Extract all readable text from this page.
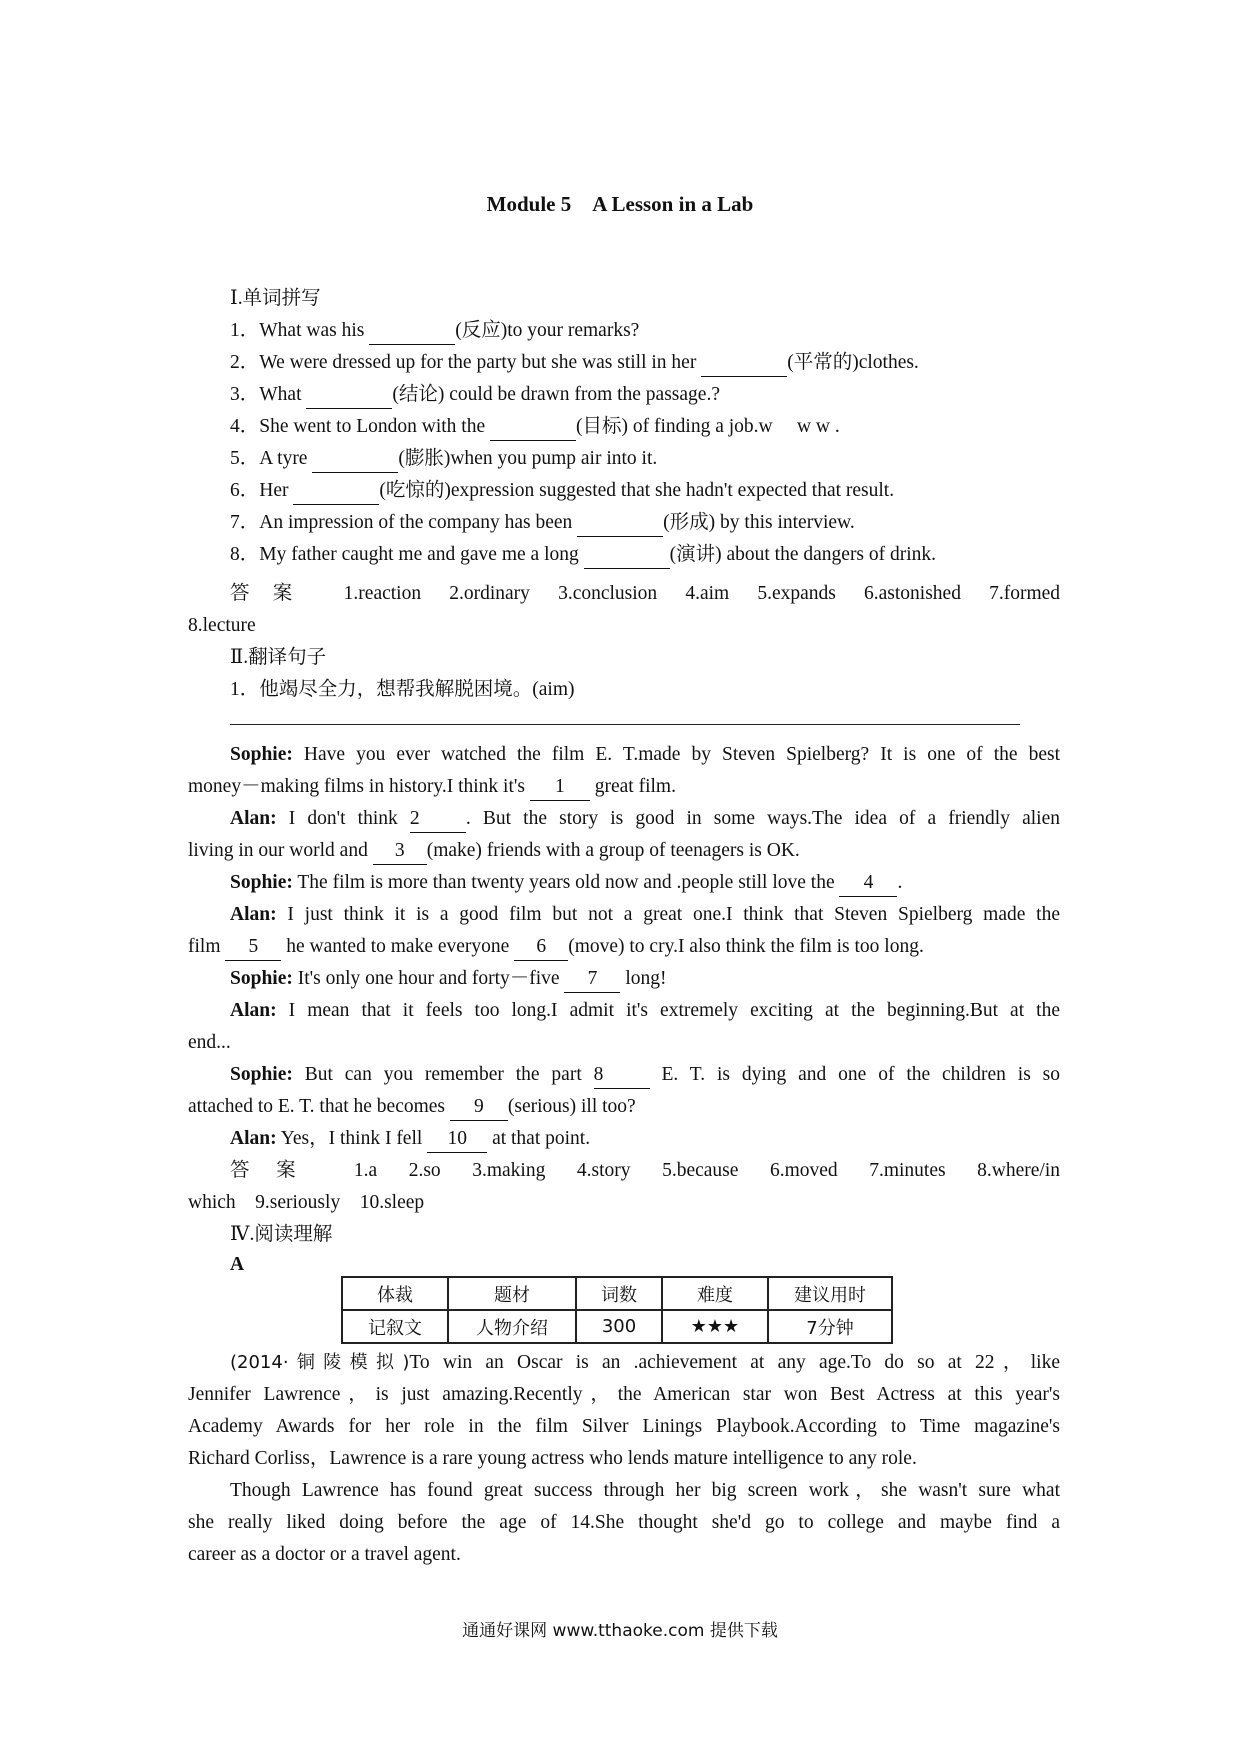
Module 5　A Lesson in a Lab
Ⅰ.单词拼写
1．What was his	(反应)to your remarks?
2．We were dressed up for the party but she was still in her	(平常的)clothes.
3．What	(结论) could be drawn from the passage.?
4．She went to London with the	(目标) of finding a job.w　 w w .
5．A tyre	(膨胀)when you pump air into it.
6．Her	(吃惊的)expression suggested that she hadn't expected that result.
7．An impression of the company has been	(形成) by this interview.
8．My father caught me and gave me a long	(演讲) about the dangers of drink.
答案 1.reaction 2.ordinary 3.conclusion 4.aim 5.expands 6.astonished 7.formed
8.lecture
Ⅱ.翻译句子
1．他竭尽全力，想帮我解脱困境。(aim)
Sophie: Have you ever watched the film E. T.made by Steven Spielberg? It is one of the best
money－making films in history.I think it's 1 great film.
Alan: I don't think 2 . But the story is good in some ways.The idea of a friendly alien
living in our world and 3 (make) friends with a group of teenagers is OK.
Sophie: The film is more than twenty years old now and .people still love the 4 .
Alan: I just think it is a good film but not a great one.I think that Steven Spielberg made the
film 5 he wanted to make everyone 6 (move) to cry.I also think the film is too long.
Sophie: It's only one hour and forty－five 7 long!
Alan: I mean that it feels too long.I admit it's extremely exciting at the beginning.But at the
end...
Sophie: But can you remember the part 8 E. T. is dying and one of the children is so
attached to E. T. that he becomes 9 (serious) ill too?
Alan: Yes，I think I fell 10 at that point.
答案 1.a 2.so 3.making 4.story 5.because 6.moved 7.minutes 8.where/in
which　9.seriously　10.sleep
Ⅳ.阅读理解
A
体裁	题材	词数	难度	建议用时
记叙文	人物介绍	300	★★★	7分钟
(2014·铜陵模拟)To win an Oscar is an .achievement at any age.To do so at 22，like
Jennifer Lawrence，is just amazing.Recently，the American star won Best Actress at this year's
Academy Awards for her role in the film Silver Linings Playbook.According to Time magazine's
Richard Corliss，Lawrence is a rare young actress who lends mature intelligence to any role.
Though Lawrence has found great success through her big screen work，she wasn't sure what
she really liked doing before the age of 14.She thought she'd go to college and maybe find a
career as a doctor or a travel agent.
通通好课网 www.tthaoke.com 提供下载
